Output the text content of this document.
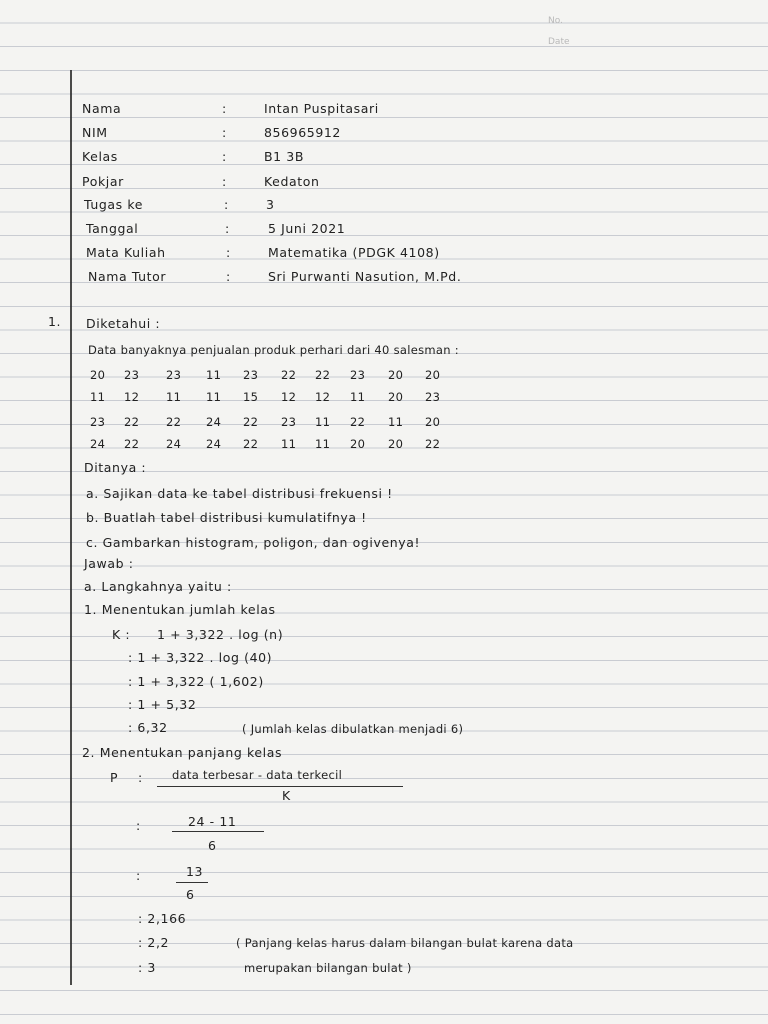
No.
Date
Nama	:	Intan Puspitasari
NIM	:	856965912
Kelas	:	B1 3B
Pokjar	:	Kedaton
Tugas ke	:	3
Tanggal	:	5 Juni 2021
Mata Kuliah	:	Matematika (PDGK 4108)
Nama Tutor	:	Sri Purwanti Nasution, M.Pd.
1. Diketahui :
Data banyaknya penjualan produk perhari dari 40 salesman :
20 23 23 11 23 22 22 23 20 20
11 12 11 11 15 12 12 11 20 23
23 22 22 24 22 23 11 22 11 20
24 22 24 24 22 11 11 20 20 22
Ditanya :
a. Sajikan data ke tabel distribusi frekuensi !
b. Buatlah tabel distribusi kumulatifnya !
c. Gambarkan histogram, poligon, dan ogivenya!
Jawab :
a. Langkahnya yaitu :
1. Menentukan jumlah kelas
K : 1 + 3,322 . log (n)
: 1 + 3,322 . log (40)
: 1 + 3,322 ( 1,602)
: 1 + 5,32
: 6,32	( Jumlah kelas dibulatkan menjadi 6)
2. Menentukan panjang kelas
P :	data terbesar - data terkecil
K
:	24 - 11
6
:	13
6
: 2,166
: 2,2	( Panjang kelas harus dalam bilangan bulat karena data
: 3	merupakan bilangan bulat )
